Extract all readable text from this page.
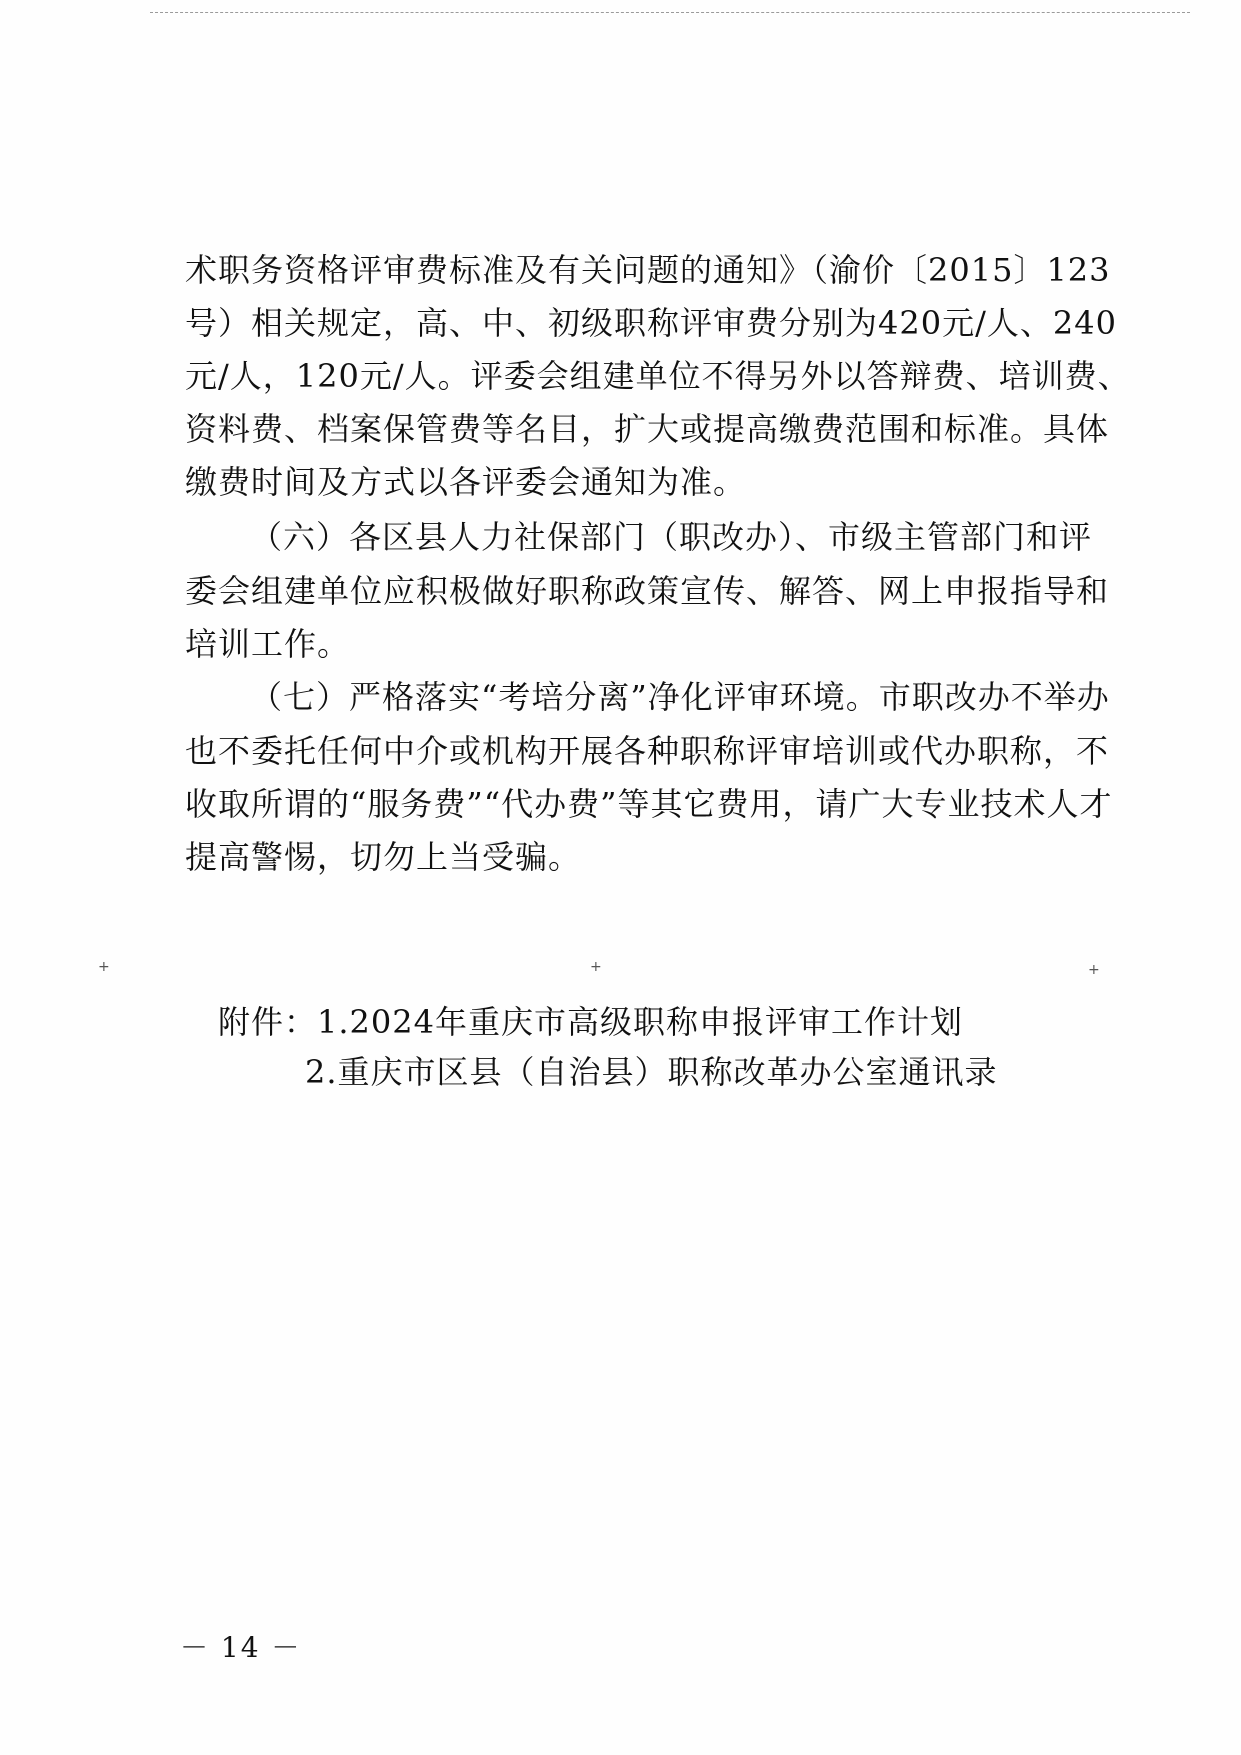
术职务资格评审费标准及有关问题的通知》（渝价〔2015〕123
号）相关规定，高、中、初级职称评审费分别为420元/人、240
元/人，120元/人。评委会组建单位不得另外以答辩费、培训费、
资料费、档案保管费等名目，扩大或提高缴费范围和标准。具体
缴费时间及方式以各评委会通知为准。
（六）各区县人力社保部门（职改办）、市级主管部门和评
委会组建单位应积极做好职称政策宣传、解答、网上申报指导和
培训工作。
（七）严格落实“考培分离”净化评审环境。市职改办不举办
也不委托任何中介或机构开展各种职称评审培训或代办职称，不
收取所谓的“服务费”“代办费”等其它费用，请广大专业技术人才
提高警惕，切勿上当受骗。
+	+	+
附件：1.2024年重庆市高级职称申报评审工作计划
2.重庆市区县（自治县）职称改革办公室通讯录
－ 14 －
